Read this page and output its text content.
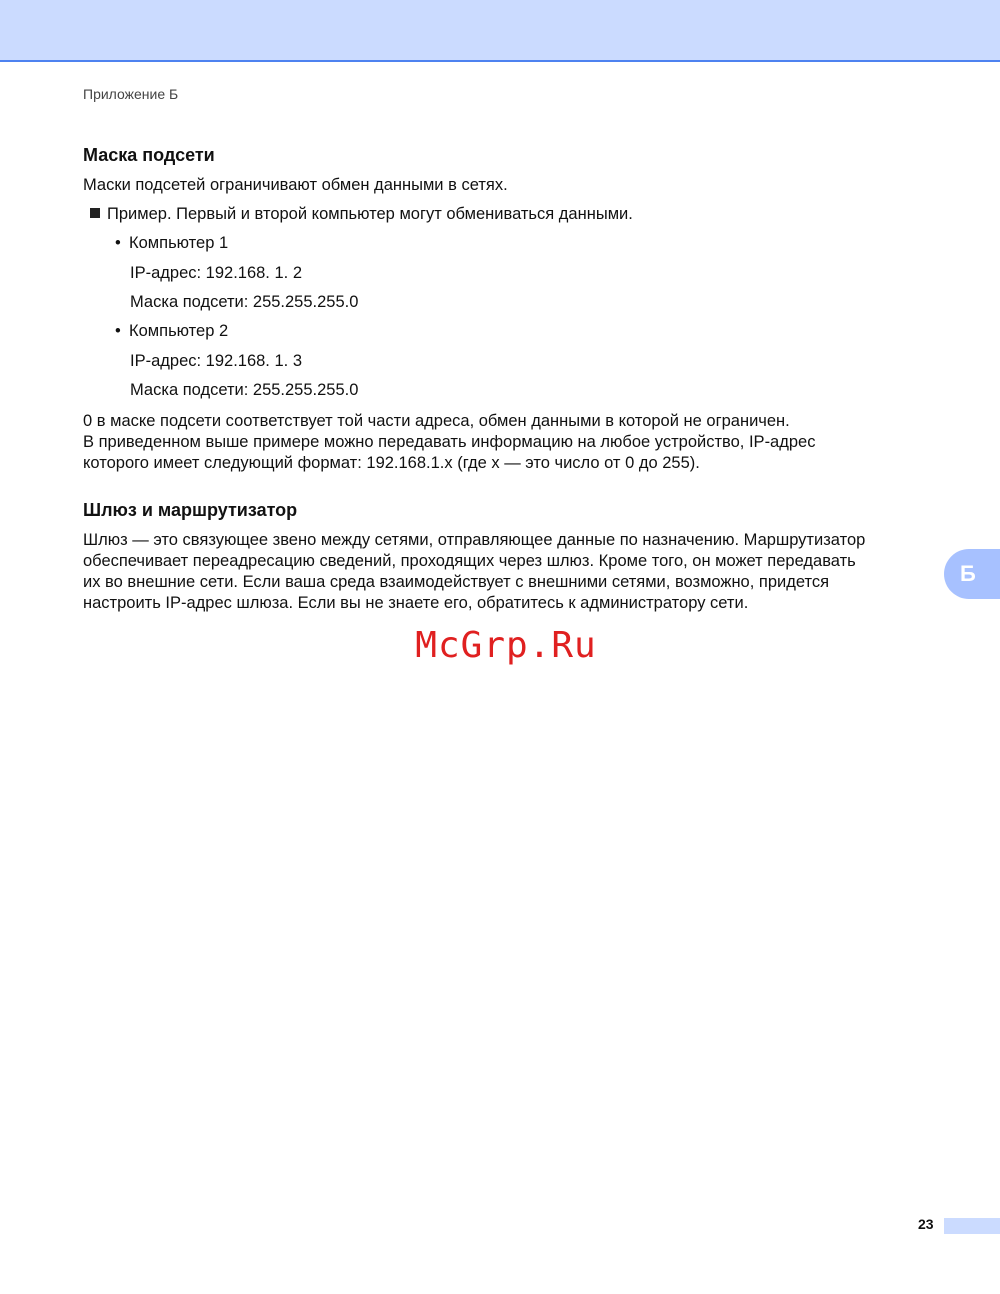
Приложение Б
Маска подсети
Маски подсетей ограничивают обмен данными в сетях.
Пример. Первый и второй компьютер могут обмениваться данными.
• Компьютер 1
IP-адрес: 192.168. 1. 2
Маска подсети: 255.255.255.0
• Компьютер 2
IP-адрес: 192.168. 1. 3
Маска подсети: 255.255.255.0
0 в маске подсети соответствует той части адреса, обмен данными в которой не ограничен.
В приведенном выше примере можно передавать информацию на любое устройство, IP-адрес
которого имеет следующий формат: 192.168.1.x (где x — это число от 0 до 255).
Шлюз и маршрутизатор
Шлюз — это связующее звено между сетями, отправляющее данные по назначению. Маршрутизатор
обеспечивает переадресацию сведений, проходящих через шлюз. Кроме того, он может передавать
их во внешние сети. Если ваша среда взаимодействует с внешними сетями, возможно, придется
настроить IP-адрес шлюза. Если вы не знаете его, обратитесь к администратору сети.
Б
McGrp.Ru
23
